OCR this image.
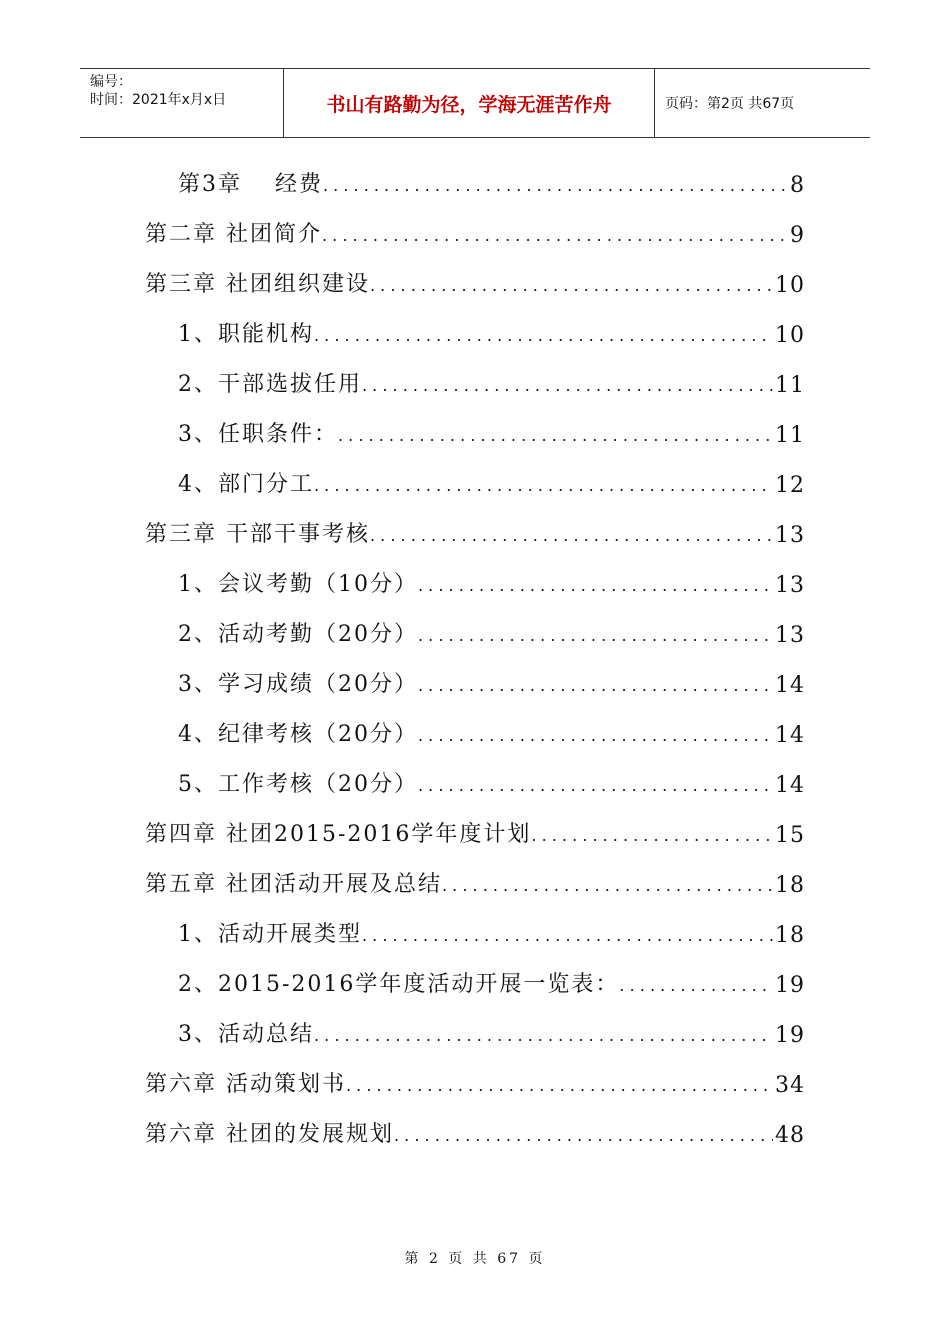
编号：
时间：2021年x月x日	书山有路勤为径，学海无涯苦作舟	页码：第2页 共67页
第3章　 经费 . . .	8
第二章 社团简介 . . .	9
第三章 社团组织建设 . . .	10
1、职能机构 . . .	10
2、干部选拔任用 . . .	11
3、任职条件： . . .	11
4、部门分工 . . .	12
第三章 干部干事考核 . . .	13
1、会议考勤（10分） . . .	13
2、活动考勤（20分） . . .	13
3、学习成绩（20分） . . .	14
4、纪律考核（20分） . . .	14
5、工作考核（20分） . . .	14
第四章 社团2015-2016学年度计划 . . .	15
第五章 社团活动开展及总结 . . .	18
1、活动开展类型 . . .	18
2、2015-2016学年度活动开展一览表： . . .	19
3、活动总结 . . .	19
第六章 活动策划书 . . .	34
第六章 社团的发展规划 . . .	48
第 2 页 共 67 页
